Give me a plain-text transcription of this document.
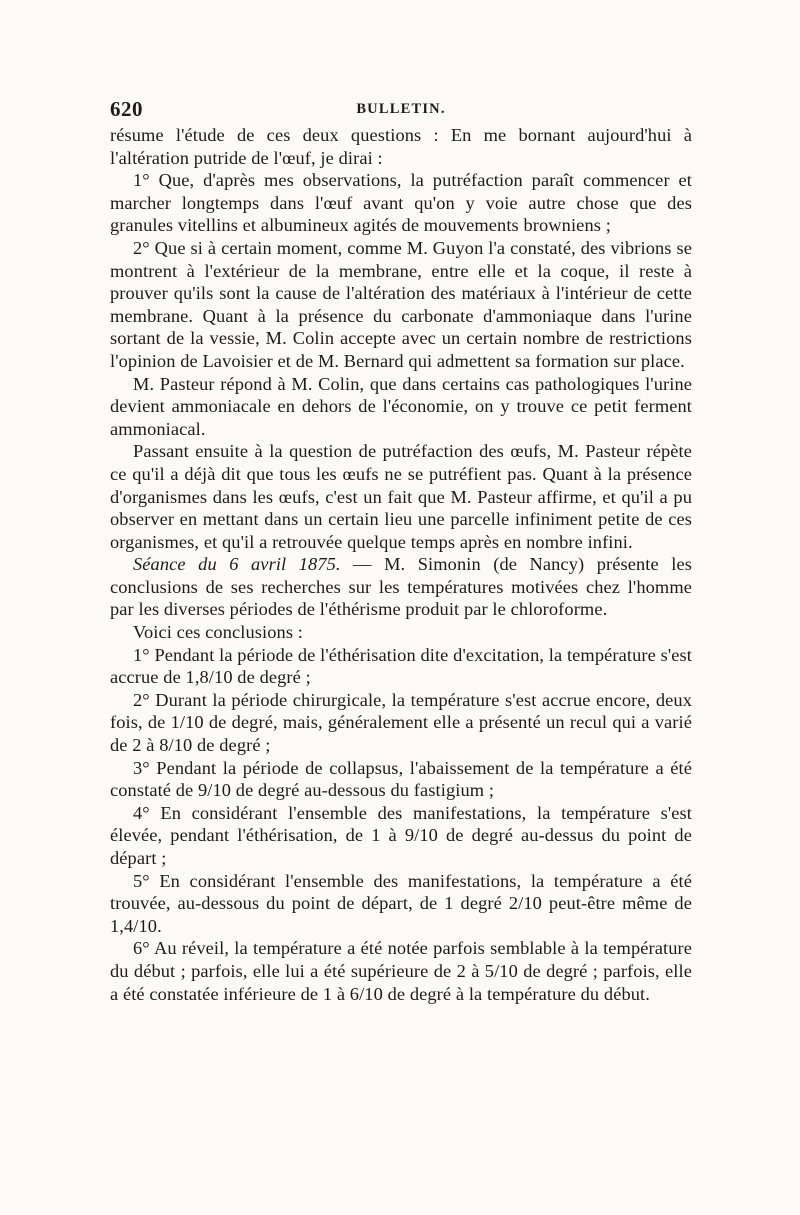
620	BULLETIN.

résume l'étude de ces deux questions : En me bornant aujourd'hui à l'altération putride de l'œuf, je dirai :

1° Que, d'après mes observations, la putréfaction paraît commencer et marcher longtemps dans l'œuf avant qu'on y voie autre chose que des granules vitellins et albumineux agités de mouvements browniens ;

2° Que si à certain moment, comme M. Guyon l'a constaté, des vibrions se montrent à l'extérieur de la membrane, entre elle et la coque, il reste à prouver qu'ils sont la cause de l'altération des matériaux à l'intérieur de cette membrane. Quant à la présence du carbonate d'ammoniaque dans l'urine sortant de la vessie, M. Colin accepte avec un certain nombre de restrictions l'opinion de Lavoisier et de M. Bernard qui admettent sa formation sur place.

M. Pasteur répond à M. Colin, que dans certains cas pathologiques l'urine devient ammoniacale en dehors de l'économie, on y trouve ce petit ferment ammoniacal.

Passant ensuite à la question de putréfaction des œufs, M. Pasteur répète ce qu'il a déjà dit que tous les œufs ne se putréfient pas. Quant à la présence d'organismes dans les œufs, c'est un fait que M. Pasteur affirme, et qu'il a pu observer en mettant dans un certain lieu une parcelle infiniment petite de ces organismes, et qu'il a retrouvée quelque temps après en nombre infini.

Séance du 6 avril 1875. — M. Simonin (de Nancy) présente les conclusions de ses recherches sur les températures motivées chez l'homme par les diverses périodes de l'éthérisme produit par le chloroforme.

Voici ces conclusions :

1° Pendant la période de l'éthérisation dite d'excitation, la température s'est accrue de 1,8/10 de degré ;

2° Durant la période chirurgicale, la température s'est accrue encore, deux fois, de 1/10 de degré, mais, généralement elle a présenté un recul qui a varié de 2 à 8/10 de degré ;

3° Pendant la période de collapsus, l'abaissement de la température a été constaté de 9/10 de degré au-dessous du fastigium ;

4° En considérant l'ensemble des manifestations, la température s'est élevée, pendant l'éthérisation, de 1 à 9/10 de degré au-dessus du point de départ ;

5° En considérant l'ensemble des manifestations, la température a été trouvée, au-dessous du point de départ, de 1 degré 2/10 peut-être même de 1,4/10.

6° Au réveil, la température a été notée parfois semblable à la température du début ; parfois, elle lui a été supérieure de 2 à 5/10 de degré ; parfois, elle a été constatée inférieure de 1 à 6/10 de degré à la température du début.
